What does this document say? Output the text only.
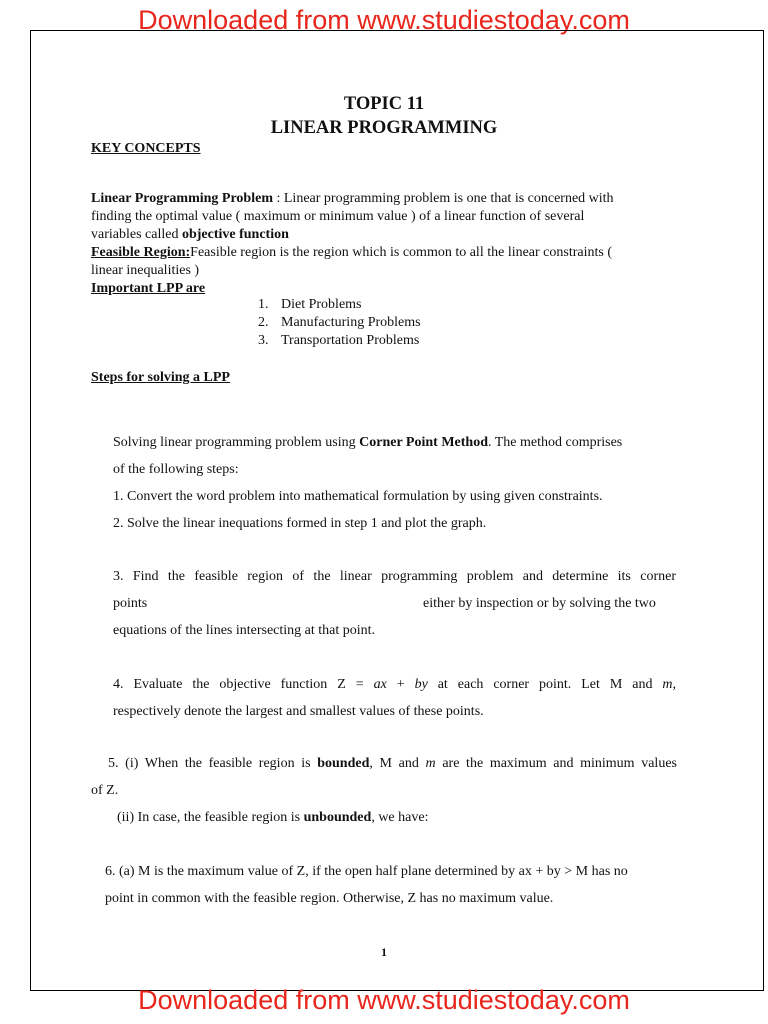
Downloaded from www.studiestoday.com
TOPIC 11
LINEAR PROGRAMMING
KEY CONCEPTS
Linear Programming Problem : Linear programming problem is one that is concerned with
finding the optimal value ( maximum or minimum value ) of a linear function of several
variables called objective function
Feasible Region:Feasible region is the region which is common to all the linear constraints (
linear inequalities )
Important LPP are
1. Diet Problems
2. Manufacturing Problems
3. Transportation Problems
Steps for solving a LPP
Solving linear programming problem using Corner Point Method. The method comprises
of the following steps:
1. Convert the word problem into mathematical formulation by using given constraints.
2. Solve the linear inequations formed in step 1 and plot the graph.
3. Find the feasible region of the linear programming problem and determine its corner
points	either by inspection or by solving the two
equations of the lines intersecting at that point.
4. Evaluate the objective function Z = ax + by at each corner point. Let M and m,
respectively denote the largest and smallest values of these points.
5. (i) When the feasible region is bounded, M and m are the maximum and minimum values
of Z.
(ii) In case, the feasible region is unbounded, we have:
6. (a) M is the maximum value of Z, if the open half plane determined by ax + by > M has no
point in common with the feasible region. Otherwise, Z has no maximum value.
1
Downloaded from www.studiestoday.com
